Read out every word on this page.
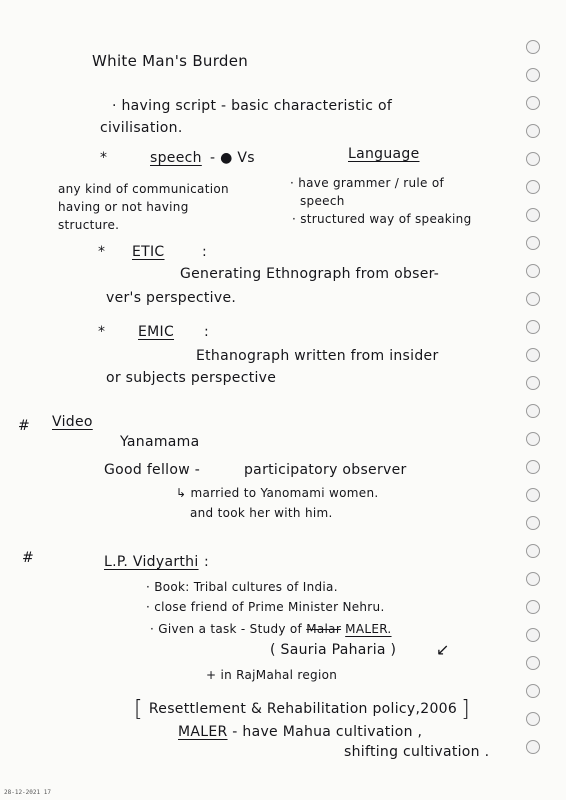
White Man's Burden
· having script - basic characteristic of
civilisation.
*	speech - ● Vs	Language
any kind of communication
having or not having
structure.
· have grammer / rule of
speech
· structured way of speaking
* ETIC	:
Generating Ethnograph from obser-
ver's perspective.
* EMIC :
Ethanograph written from insider
or subjects perspective
# Video
Yanamama
Good fellow -	participatory observer
↳ married to Yanomami women.
and took her with him.
#	L.P. Vidyarthi :
· Book: Tribal cultures of India.
· close friend of Prime Minister Nehru.
· Given a task - Study of Malar MALER.
( Sauria Paharia ) ↙
+ in RajMahal region
[ Resettlement & Rehabilitation policy,2006 ]
MALER - have Mahua cultivation ,
shifting cultivation .
28-12-2021 17
